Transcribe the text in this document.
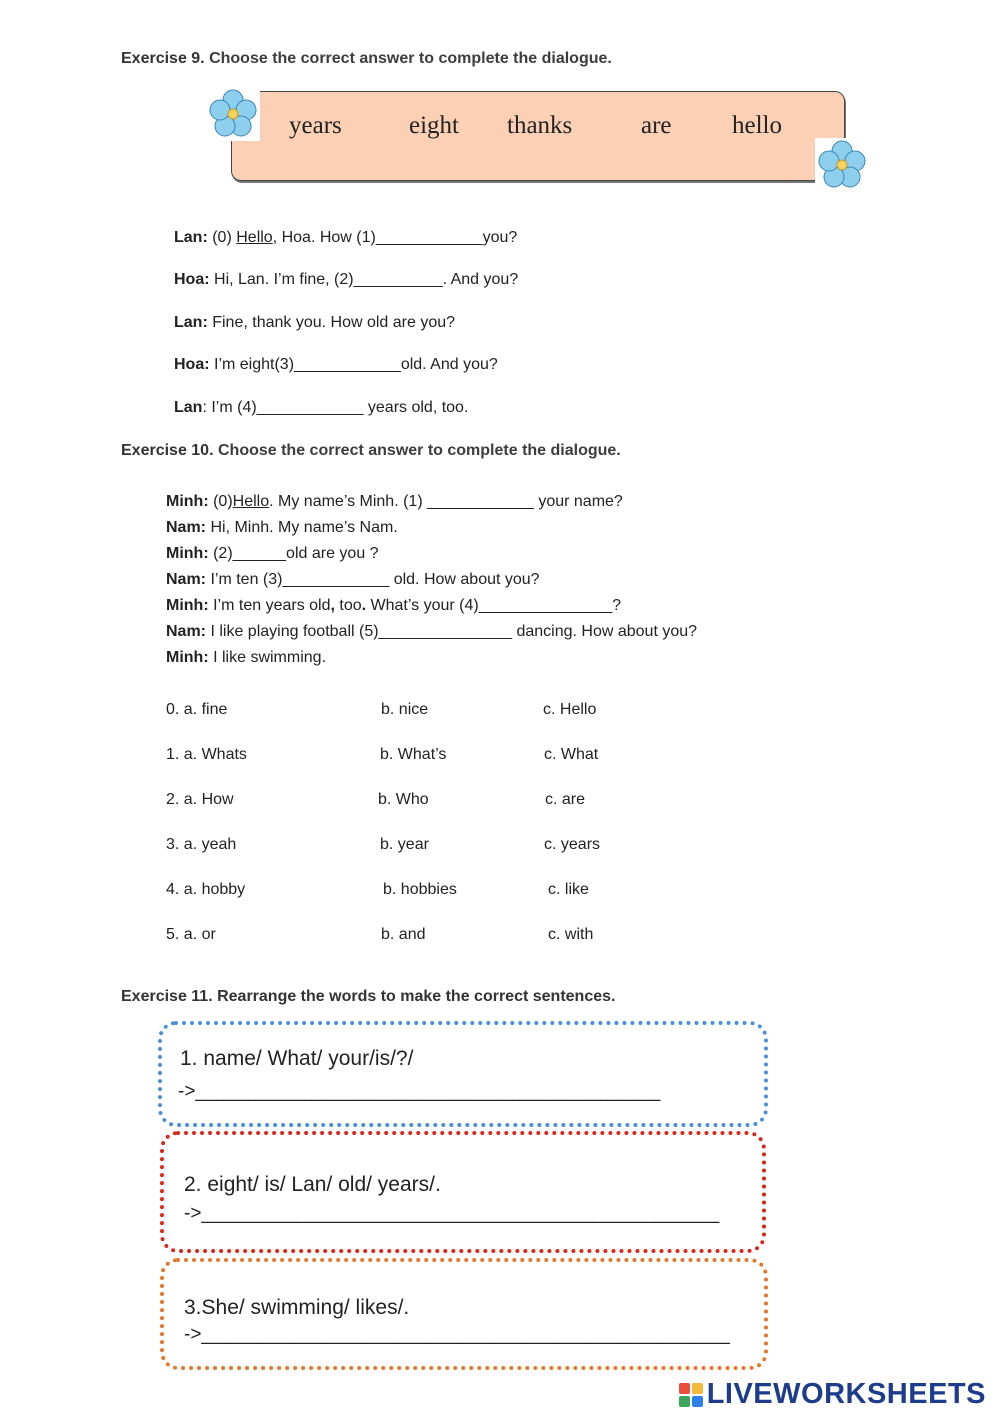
Exercise 9. Choose the correct answer to complete the dialogue.
years	eight thanks	are hello
Lan: (0) Hello, Hoa. How (1)____________you?
Hoa: Hi, Lan. I’m fine, (2)__________. And you?
Lan: Fine, thank you. How old are you?
Hoa: I’m eight(3)____________old. And you?
Lan: I’m (4)____________ years old, too.
Exercise 10. Choose the correct answer to complete the dialogue.
Minh: (0)Hello. My name’s Minh. (1) ____________ your name?
Nam: Hi, Minh. My name’s Nam.
Minh: (2)______old are you ?
Nam: I’m ten (3)____________ old. How about you?
Minh: I’m ten years old, too. What’s your (4)_______________?
Nam: I like playing football (5)_______________ dancing. How about you?
Minh: I like swimming.
0. a. fine	b. nice	c. Hello
1. a. Whats	b. What’s	c. What
2. a. How	b. Who	c. are
3. a. yeah	b. year	c. years
4. a. hobby	b. hobbies	c. like
5. a. or	b. and	c. with
Exercise 11. Rearrange the words to make the correct sentences.
1. name/ What/ your/is/?/
->____________________________________________
2. eight/ is/ Lan/ old/ years/.
->_________________________________________________
3.She/ swimming/ likes/.
->__________________________________________________
LIVEWORKSHEETS
